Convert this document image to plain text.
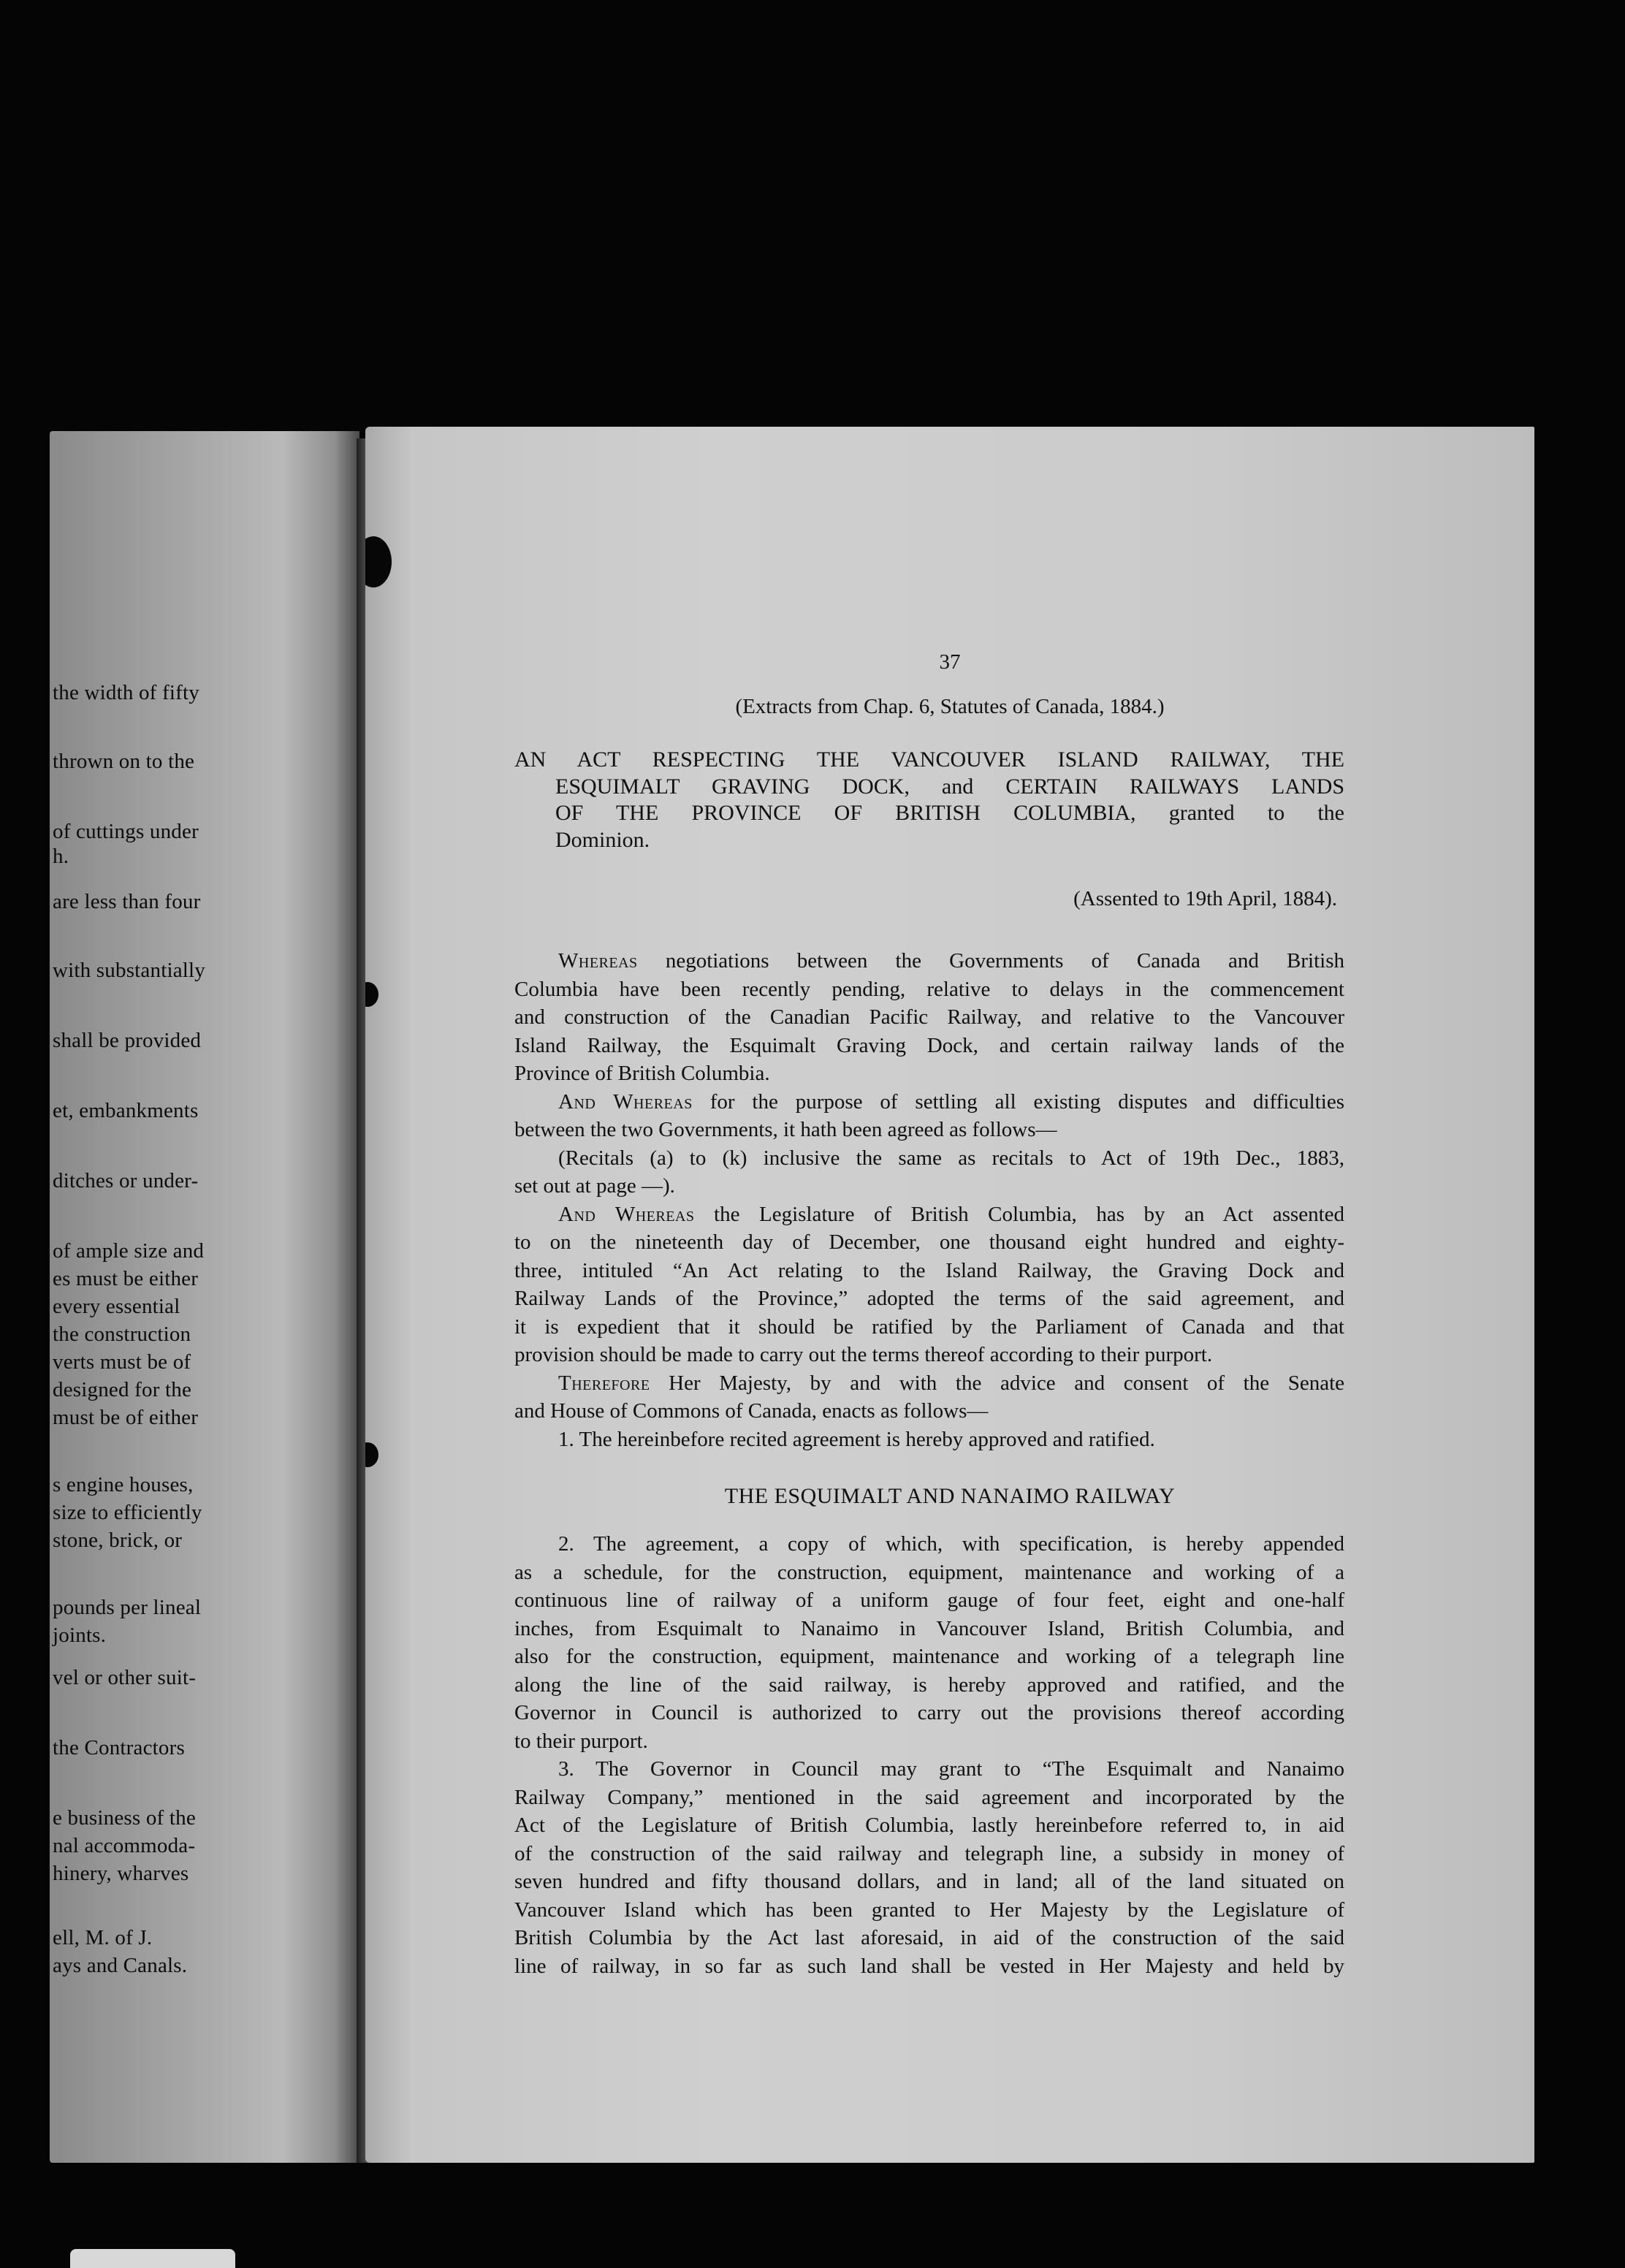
the width of fifty

thrown on to the

of cuttings under

h.

are less than four

with substantially

shall be provided

et, embankments

ditches or under-

of ample size and

es must be either

every essential

the construction

verts must be of

designed for the

must be of either

s engine houses,

size to efficiently

stone, brick, or

pounds per lineal

joints.

vel or other suit-

the Contractors

e business of the

nal accommoda-

hinery, wharves

ell, M. of J.

ays and Canals.

37

(Extracts from Chap. 6, Statutes of Canada, 1884.)

AN ACT RESPECTING THE VANCOUVER ISLAND RAILWAY, THE
ESQUIMALT GRAVING DOCK, and CERTAIN RAILWAYS LANDS
OF THE PROVINCE OF BRITISH COLUMBIA, granted to the
Dominion.

(Assented to 19th April, 1884).

Whereas negotiations between the Governments of Canada and British
Columbia have been recently pending, relative to delays in the commencement
and construction of the Canadian Pacific Railway, and relative to the Vancouver
Island Railway, the Esquimalt Graving Dock, and certain railway lands of the
Province of British Columbia.
And Whereas for the purpose of settling all existing disputes and difficulties
between the two Governments, it hath been agreed as follows—
(Recitals (a) to (k) inclusive the same as recitals to Act of 19th Dec., 1883,
set out at page —).
And Whereas the Legislature of British Columbia, has by an Act assented
to on the nineteenth day of December, one thousand eight hundred and eighty-
three, intituled “An Act relating to the Island Railway, the Graving Dock and
Railway Lands of the Province,” adopted the terms of the said agreement, and
it is expedient that it should be ratified by the Parliament of Canada and that
provision should be made to carry out the terms thereof according to their purport.
Therefore Her Majesty, by and with the advice and consent of the Senate
and House of Commons of Canada, enacts as follows—
1. The hereinbefore recited agreement is hereby approved and ratified.

THE ESQUIMALT AND NANAIMO RAILWAY

2. The agreement, a copy of which, with specification, is hereby appended
as a schedule, for the construction, equipment, maintenance and working of a
continuous line of railway of a uniform gauge of four feet, eight and one-half
inches, from Esquimalt to Nanaimo in Vancouver Island, British Columbia, and
also for the construction, equipment, maintenance and working of a telegraph line
along the line of the said railway, is hereby approved and ratified, and the
Governor in Council is authorized to carry out the provisions thereof according
to their purport.
3. The Governor in Council may grant to “The Esquimalt and Nanaimo
Railway Company,” mentioned in the said agreement and incorporated by the
Act of the Legislature of British Columbia, lastly hereinbefore referred to, in aid
of the construction of the said railway and telegraph line, a subsidy in money of
seven hundred and fifty thousand dollars, and in land; all of the land situated on
Vancouver Island which has been granted to Her Majesty by the Legislature of
British Columbia by the Act last aforesaid, in aid of the construction of the said
line of railway, in so far as such land shall be vested in Her Majesty and held by
